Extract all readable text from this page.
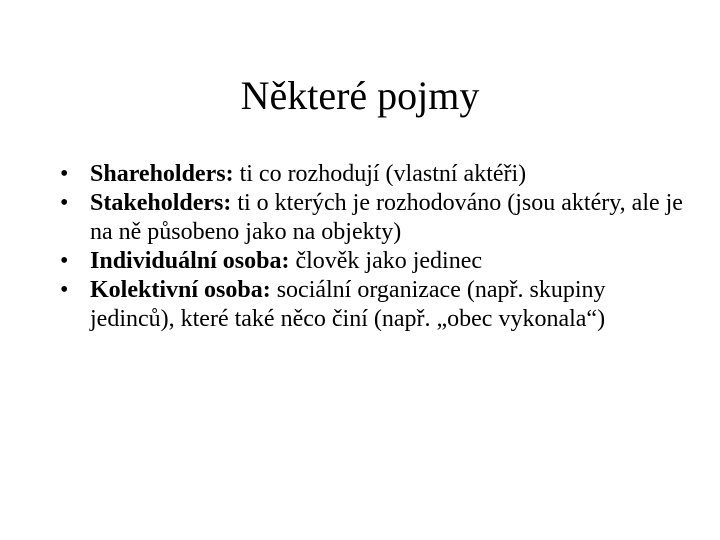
Některé pojmy
• Shareholders: ti co rozhodují (vlastní aktéři)
• Stakeholders: ti o kterých je rozhodováno (jsou aktéry, ale je na ně působeno jako na objekty)
• Individuální osoba: člověk jako jedinec
• Kolektivní osoba: sociální organizace (např. skupiny jedinců), které také něco činí (např. „obec vykonala“)
